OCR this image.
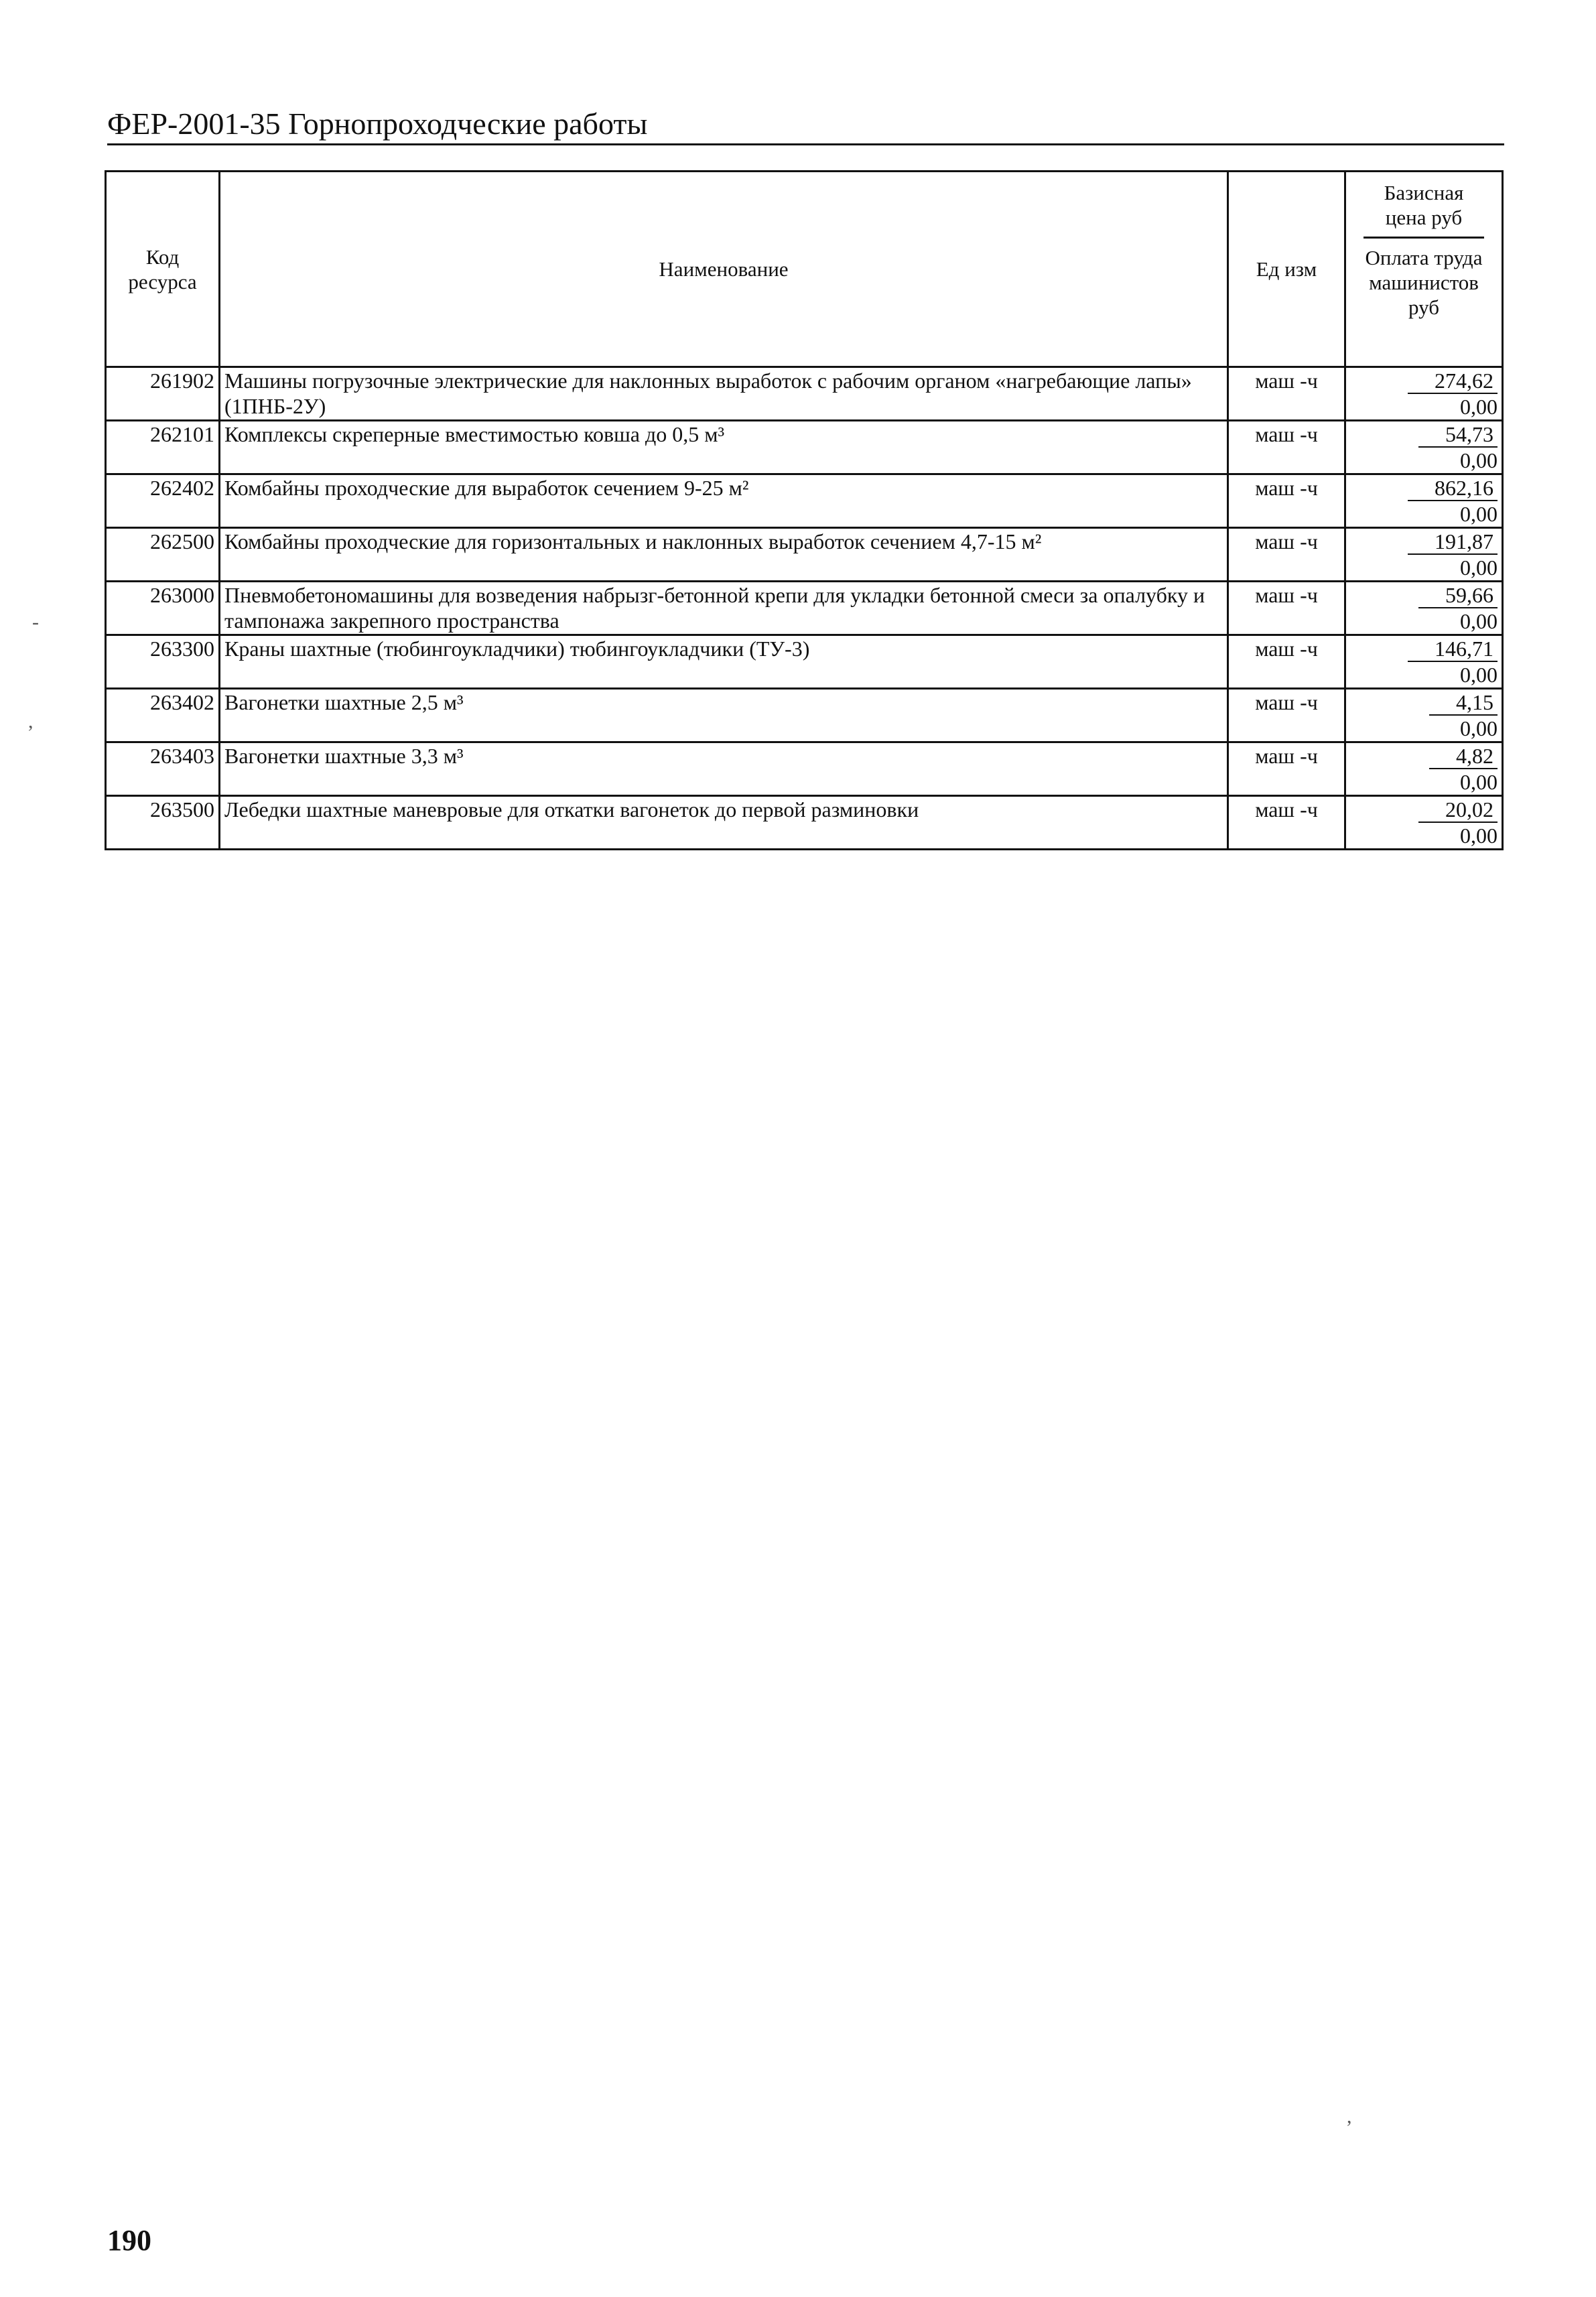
ФЕР-2001-35 Горнопроходческие работы
Код ресурса	Наименование	Ед изм	Базисная цена руб
Оплата труда машинистов руб

261902	Машины погрузочные электрические для наклонных выработок с рабочим органом «нагребающие лапы» (1ПНБ-2У)	маш -ч	274,62
0,00

262101	Комплексы скреперные вместимостью ковша до 0,5 м³	маш -ч	54,73
0,00

262402	Комбайны проходческие для выработок сечением 9-25 м²	маш -ч	862,16
0,00

262500	Комбайны проходческие для горизонтальных и наклонных выработок сечением 4,7-15 м²	маш -ч	191,87
0,00

263000	Пневмобетономашины для возведения набрызг-бетонной крепи для укладки бетонной смеси за опалубку и тампонажа закрепного пространства	маш -ч	59,66
0,00

263300	Краны шахтные (тюбингоукладчики) тюбингоукладчики (ТУ-3)	маш -ч	146,71
0,00

263402	Вагонетки шахтные 2,5 м³	маш -ч	4,15
0,00

263403	Вагонетки шахтные 3,3 м³	маш -ч	4,82
0,00

263500	Лебедки шахтные маневровые для откатки вагонеток до первой разминовки	маш -ч	20,02
0,00
190
-
,
,
